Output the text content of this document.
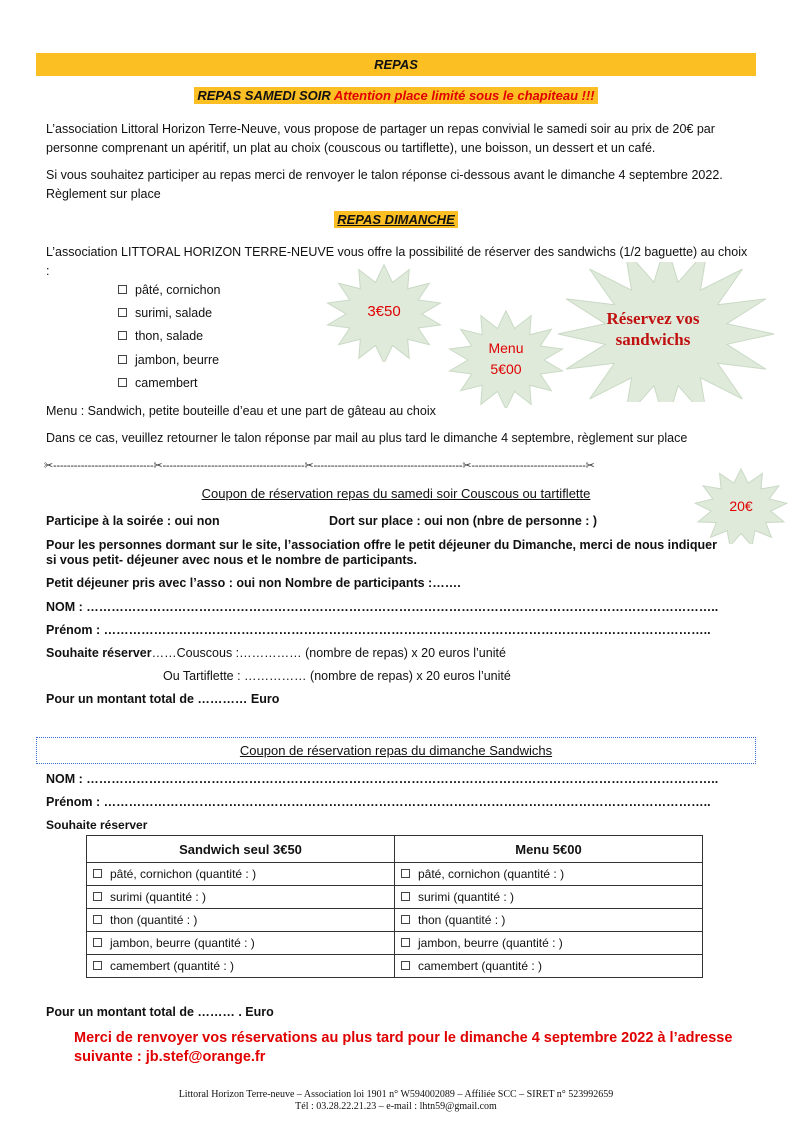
REPAS
REPAS SAMEDI SOIR Attention place limité sous le chapiteau !!!
L’association Littoral Horizon Terre-Neuve, vous propose de partager un repas convivial le samedi soir au prix de 20€ par personne comprenant un apéritif, un plat au choix (couscous ou tartiflette), une boisson, un dessert et un café.
Si vous souhaitez participer au repas merci de renvoyer le talon réponse ci-dessous avant le dimanche 4 septembre 2022. Règlement sur place
REPAS DIMANCHE
L’association LITTORAL HORIZON TERRE-NEUVE vous offre la possibilité de réserver des sandwichs (1/2 baguette) au choix :
pâté, cornichon
surimi, salade
thon, salade
jambon, beurre
camembert
Menu : Sandwich, petite bouteille d’eau et une part de gâteau au choix
Dans ce cas, veuillez retourner le talon réponse par mail au plus tard le dimanche 4 septembre, règlement sur place
3€50
Menu
5€00
Réservez vos
sandwichs
20€
✂-----------------------------✂-----------------------------------------✂-------------------------------------------✂---------------------------------✂
Coupon de réservation repas du samedi soir Couscous ou tartiflette
Participe à la soirée : oui non	Dort sur place : oui non (nbre de personne : )
Pour les personnes dormant sur le site, l’association offre le petit déjeuner du Dimanche, merci de nous indiquer si vous petit- déjeuner avec nous et le nombre de participants.
Petit déjeuner pris avec l’asso : oui non Nombre de participants :…….
NOM : ……………………………………………………………………………………………………………………………………..
Prénom : ………………………………………………………………………………………………………………………………..
Souhaite réserver……Couscous :…………… (nombre de repas) x 20 euros l’unité
Ou Tartiflette : …………… (nombre de repas) x 20 euros l’unité
Pour un montant total de ………… Euro
Coupon de réservation repas du dimanche Sandwichs
NOM : ……………………………………………………………………………………………………………………………………..
Prénom : ………………………………………………………………………………………………………………………………..
Souhaite réserver
Sandwich seul 3€50	Menu 5€00
pâté, cornichon (quantité : )	pâté, cornichon (quantité : )
surimi (quantité : )	surimi (quantité : )
thon (quantité : )	thon (quantité : )
jambon, beurre (quantité : )	jambon, beurre (quantité : )
camembert (quantité : )	camembert (quantité : )
Pour un montant total de ……… . Euro
Merci de renvoyer vos réservations au plus tard pour le dimanche 4 septembre 2022 à l’adresse suivante : jb.stef@orange.fr
Littoral Horizon Terre-neuve – Association loi 1901 n° W594002089 – Affiliée SCC – SIRET n° 523992659
Tél : 03.28.22.21.23 – e-mail : lhtn59@gmail.com
